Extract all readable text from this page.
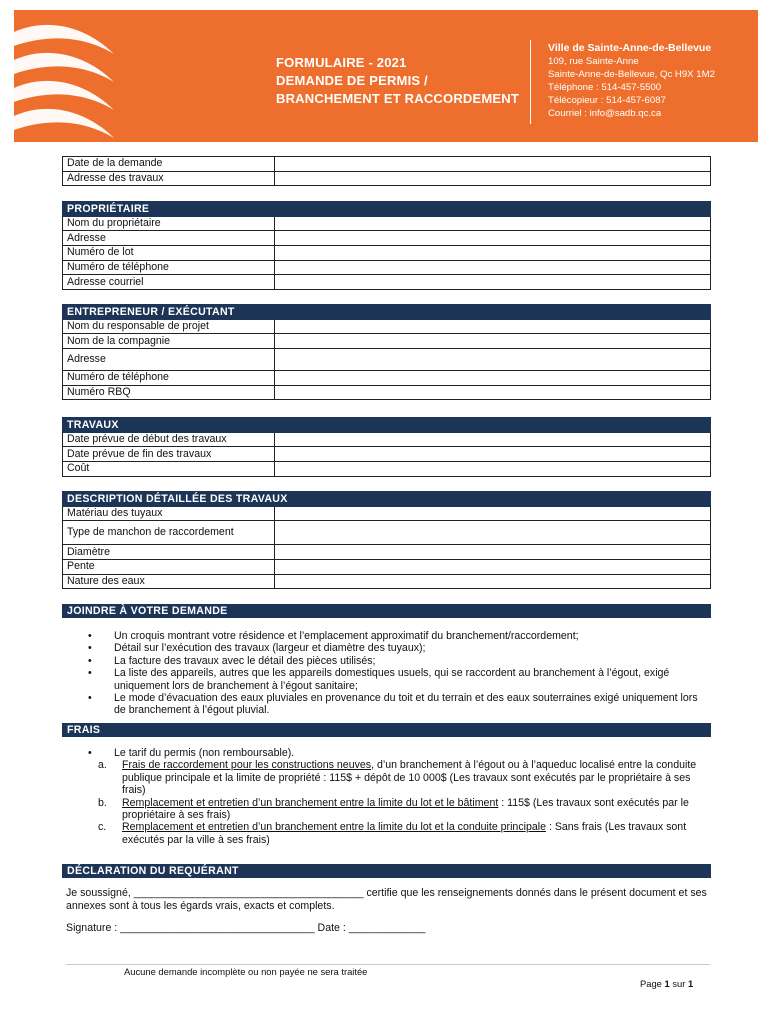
FORMULAIRE - 2021
DEMANDE DE PERMIS /
BRANCHEMENT ET RACCORDEMENT
Ville de Sainte-Anne-de-Bellevue
109, rue Sainte-Anne
Sainte-Anne-de-Bellevue, Qc H9X 1M2
Téléphone : 514-457-5500
Télécopieur : 514-457-6087
Courriel : info@sadb.qc.ca
Date de la demande	
Adresse des travaux	
PROPRIÉTAIRE	
Nom du propriétaire	
Adresse	
Numéro de lot	
Numéro de téléphone	
Adresse courriel	
ENTREPRENEUR / EXÉCUTANT	
Nom du responsable de projet	
Nom de la compagnie	
Adresse	
Numéro de téléphone	
Numéro RBQ	
TRAVAUX	
Date prévue de début des travaux	
Date prévue de fin des travaux	
Coût	
DESCRIPTION DÉTAILLÉE DES TRAVAUX	
Matériau des tuyaux	
Type de manchon de raccordement	
Diamètre	
Pente	
Nature des eaux	
JOINDRE À VOTRE DEMANDE
• Un croquis montrant votre résidence et l’emplacement approximatif du branchement/raccordement;
• Détail sur l’exécution des travaux (largeur et diamètre des tuyaux);
• La facture des travaux avec le détail des pièces utilisés;
• La liste des appareils, autres que les appareils domestiques usuels, qui se raccordent au branchement à l’égout, exigé uniquement lors de branchement à l’égout sanitaire;
• Le mode d’évacuation des eaux pluviales en provenance du toit et du terrain et des eaux souterraines exigé uniquement lors de branchement à l’égout pluvial.
FRAIS
• Le tarif du permis (non remboursable).
a. Frais de raccordement pour les constructions neuves, d’un branchement à l’égout ou à l’aqueduc localisé entre la conduite publique principale et la limite de propriété : 115$ + dépôt de 10 000$ (Les travaux sont exécutés par le propriétaire à ses frais)
b. Remplacement et entretien d’un branchement entre la limite du lot et le bâtiment : 115$ (Les travaux sont exécutés par le propriétaire à ses frais)
c. Remplacement et entretien d’un branchement entre la limite du lot et la conduite principale : Sans frais (Les travaux sont exécutés par la ville à ses frais)
DÉCLARATION DU REQUÉRANT
Je soussigné, _______________________________________ certifie que les renseignements donnés dans le présent document et ses annexes sont à tous les égards vrais, exacts et complets.
Signature : _________________________________ Date : _____________
Aucune demande incomplète ou non payée ne sera traitée
Page 1 sur 1
